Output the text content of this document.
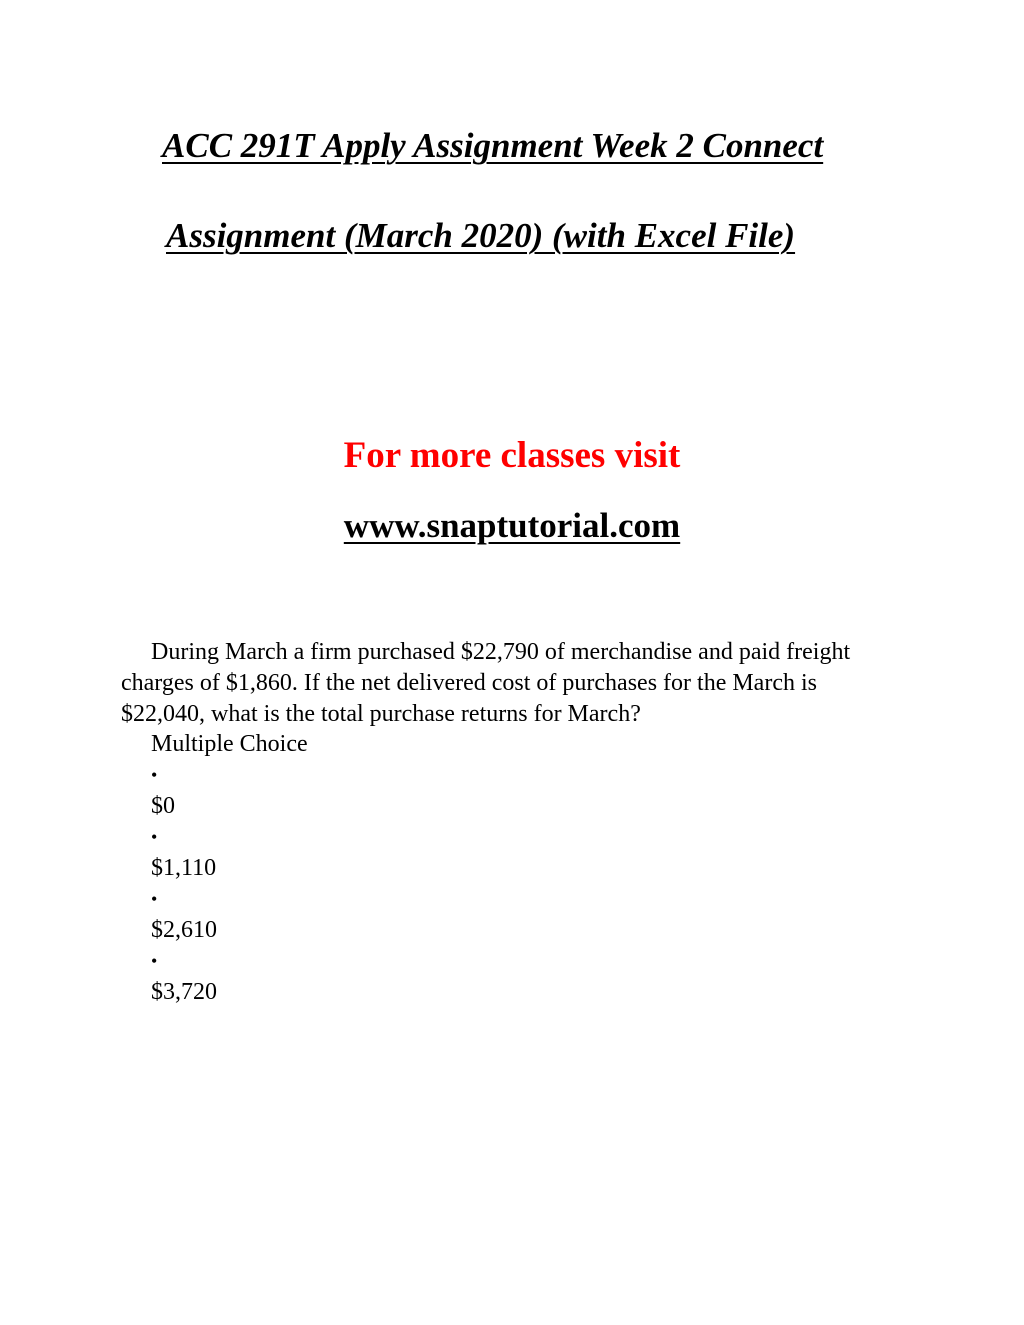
ACC 291T Apply Assignment Week 2 Connect
Assignment (March 2020) (with Excel File)

For more classes visit

www.snaptutorial.com

During March a firm purchased $22,790 of merchandise and paid freight charges of $1,860. If the net delivered cost of purchases for the March is $22,040, what is the total purchase returns for March?

Multiple Choice
•
$0
•
$1,110
•
$2,610
•
$3,720
